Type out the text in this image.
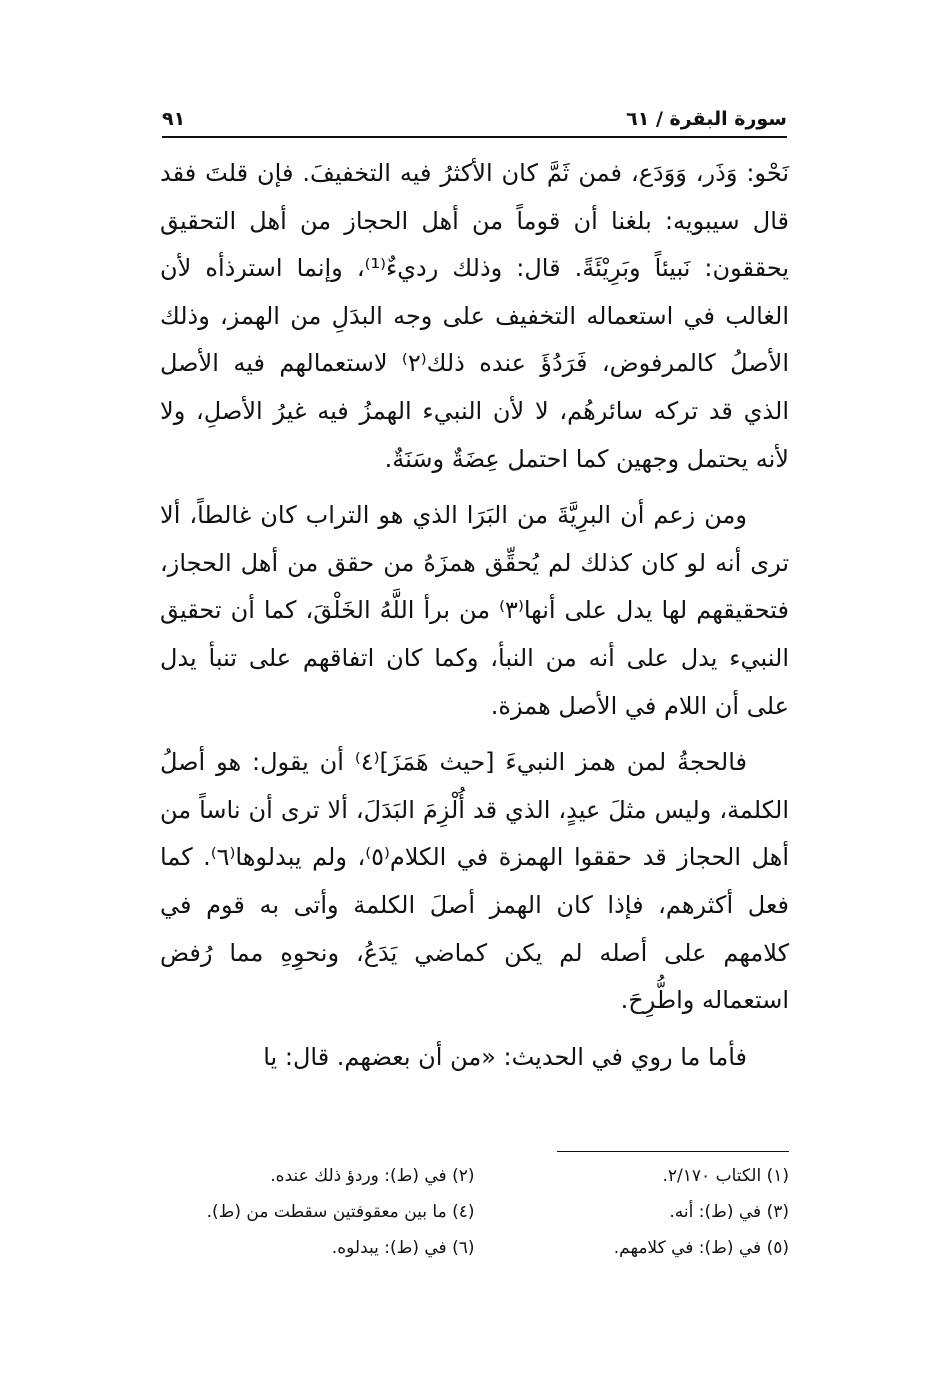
سورة البقرة / ٦١
٩١

نَحْو: وَذَر، وَوَدَع، فمن ثَمَّ كان الأكثرُ فيه التخفيفَ. فإن قلتَ فقد قال سيبويه: بلغنا أن قوماً من أهل الحجاز من أهل التحقيق يحققون: نَبيئاً وبَرِيْئَةً. قال: وذلك رديءٌ⁽¹⁾، وإنما استرذأه لأن الغالب في استعماله التخفيف على وجه البدَلِ من الهمز، وذلك الأصلُ كالمرفوض، فَرَدُؤَ عنده ذلك⁽٢⁾ لاستعمالهم فيه الأصل الذي قد تركه سائرهُم، لا لأن النبيء الهمزُ فيه غيرُ الأصلِ، ولا لأنه يحتمل وجهين كما احتمل عِضَةٌ وسَنَةٌ.

ومن زعم أن البرِيَّةَ من البَرَا الذي هو التراب كان غالطاً، ألا ترى أنه لو كان كذلك لم يُحقِّق همزَهُ من حقق من أهل الحجاز، فتحقيقهم لها يدل على أنها⁽٣⁾ من برأ اللَّهُ الخَلْقَ، كما أن تحقيق النبيء يدل على أنه من النبأ، وكما كان اتفاقهم على تنبأ يدل على أن اللام في الأصل همزة.

فالحجةُ لمن همز النبيءَ [حيث هَمَزَ]⁽٤⁾ أن يقول: هو أصلُ الكلمة، وليس مثلَ عيدٍ، الذي قد أُلْزِمَ البَدَلَ، ألا ترى أن ناساً من أهل الحجاز قد حققوا الهمزة في الكلام⁽٥⁾، ولم يبدلوها⁽٦⁾. كما فعل أكثرهم، فإذا كان الهمز أصلَ الكلمة وأتى به قوم في كلامهم على أصله لم يكن كماضي يَدَعُ، ونحوِهِ مما رُفض استعماله واطُّرِحَ.

فأما ما روي في الحديث: «من أن بعضهم. قال: يا

(١) الكتاب ٢/١٧٠.
(٢) في (ط): وردؤ ذلك عنده.
(٣) في (ط): أنه.
(٤) ما بين معقوفتين سقطت من (ط).
(٥) في (ط): في كلامهم.
(٦) في (ط): يبدلوه.
